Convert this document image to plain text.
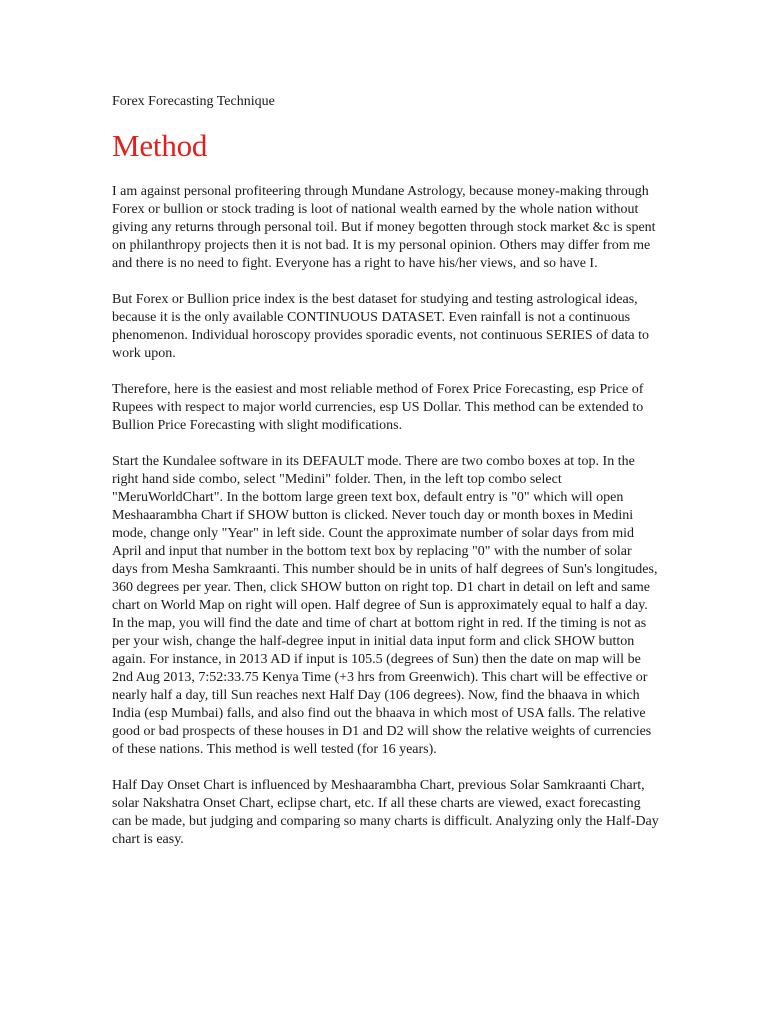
Forex Forecasting Technique

Method

I am against personal profiteering through Mundane Astrology, because money-making through Forex or bullion or stock trading is loot of national wealth earned by the whole nation without giving any returns through personal toil. But if money begotten through stock market &c is spent on philanthropy projects then it is not bad. It is my personal opinion. Others may differ from me and there is no need to fight. Everyone has a right to have his/her views, and so have I.

But Forex or Bullion price index is the best dataset for studying and testing astrological ideas, because it is the only available CONTINUOUS DATASET. Even rainfall is not a continuous phenomenon. Individual horoscopy provides sporadic events, not continuous SERIES of data to work upon.

Therefore, here is the easiest and most reliable method of Forex Price Forecasting, esp Price of Rupees with respect to major world currencies, esp US Dollar. This method can be extended to Bullion Price Forecasting with slight modifications.

Start the Kundalee software in its DEFAULT mode. There are two combo boxes at top. In the right hand side combo, select "Medini" folder. Then, in the left top combo select "MeruWorldChart". In the bottom large green text box, default entry is "0" which will open Meshaarambha Chart if SHOW button is clicked. Never touch day or month boxes in Medini mode, change only "Year" in left side. Count the approximate number of solar days from mid April and input that number in the bottom text box by replacing "0" with the number of solar days from Mesha Samkraanti. This number should be in units of half degrees of Sun's longitudes, 360 degrees per year. Then, click SHOW button on right top. D1 chart in detail on left and same chart on World Map on right will open. Half degree of Sun is approximately equal to half a day. In the map, you will find the date and time of chart at bottom right in red. If the timing is not as per your wish, change the half-degree input in initial data input form and click SHOW button again. For instance, in 2013 AD if input is 105.5 (degrees of Sun) then the date on map will be 2nd Aug 2013, 7:52:33.75 Kenya Time (+3 hrs from Greenwich). This chart will be effective or nearly half a day, till Sun reaches next Half Day (106 degrees). Now, find the bhaava in which India (esp Mumbai) falls, and also find out the bhaava in which most of USA falls. The relative good or bad prospects of these houses in D1 and D2 will show the relative weights of currencies of these nations. This method is well tested (for 16 years).

Half Day Onset Chart is influenced by Meshaarambha Chart, previous Solar Samkraanti Chart, solar Nakshatra Onset Chart, eclipse chart, etc. If all these charts are viewed, exact forecasting can be made, but judging and comparing so many charts is difficult. Analyzing only the Half-Day chart is easy.
